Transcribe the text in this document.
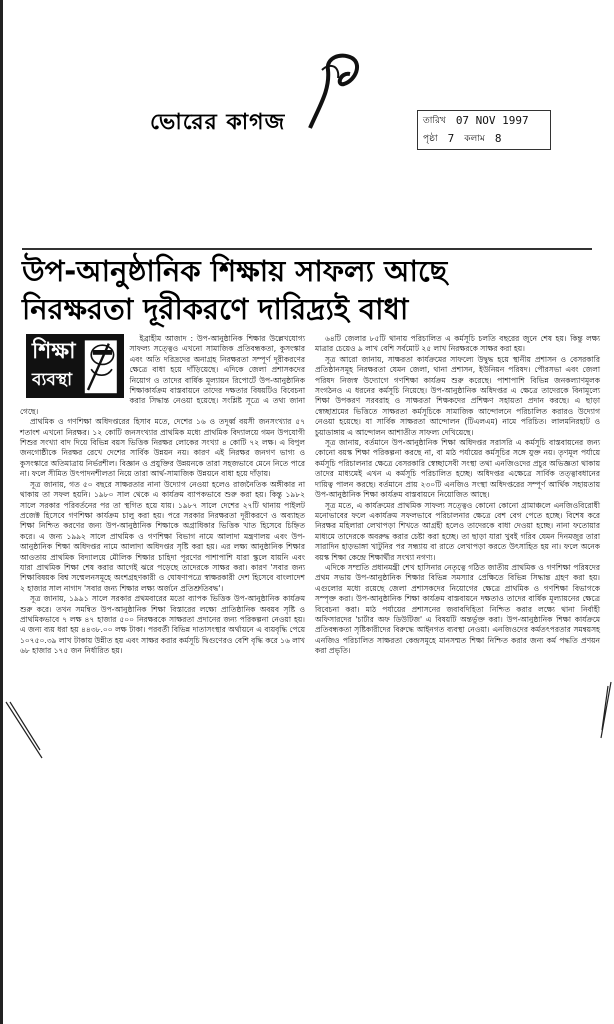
ভোরের কাগজ	তারিখ 07 NOV 1997
পৃষ্ঠা 7 কলাম 8
উপ-আনুষ্ঠানিক শিক্ষায় সাফল্য আছে
নিরক্ষরতা দূরীকরণে দারিদ্র্যই বাধা
শিক্ষা
ব্যবস্থা

ইব্রাহীম আজাদ : উপ-আনুষ্ঠানিক শিক্ষার উল্লেখযোগ্য সাফল্য সত্ত্বেও এখনো সামাজিক প্রতিবন্ধকতা, কুসংস্কার এবং অতি দরিদ্রদের অনাগ্রহ নিরক্ষরতা সম্পূর্ণ দূরীকরণের ক্ষেত্রে বাধা হয়ে দাঁড়িয়েছে। এদিকে জেলা প্রশাসকদের নিয়োগ ও তাদের বার্ষিক মূল্যায়ন রিপোর্টে উপ-আনুষ্ঠানিক শিক্ষাকার্যক্রম বাস্তবায়নে তাদের দক্ষতার বিষয়টিও বিবেচনা করার সিদ্ধান্ত নেওয়া হয়েছে। সংশ্লিষ্ট সূত্রে এ তথ্য জানা গেছে।

প্রাথমিক ও গণশিক্ষা অধিদপ্তরের হিসাব মতে, দেশের ১৬ ও তদূর্ধ্ব বয়সী জনসংখ্যার ৫৭ শতাংশ এখনো নিরক্ষর। ১২ কোটি জনসংখ্যার প্রাথমিক মধ্যে প্রাথমিক বিদ্যালয়ে গমন উপযোগী শিশুর সংখ্যা বাদ দিয়ে বিভিন্ন বয়স ভিত্তিক নিরক্ষর লোকের সংখ্যা ৪ কোটি ৭২ লক্ষ। এ বিপুল জনগোষ্ঠীকে নিরক্ষর রেখে দেশের সার্বিক উন্নয়ন নয়। কারণ এই নিরক্ষর জনগণ ভাগ্য ও কুসংস্কারে অতিমাত্রায় নির্ভরশীল। বিজ্ঞান ও প্রযুক্তির উন্নয়নকে তারা সহজভাবে মেনে নিতে পারে না। ফলে সীমিত উৎপাদনশীলতা নিয়ে তারা আর্থ-সামাজিক উন্নয়নে বাধা হয়ে দাঁড়ায়।

সূত্র জানায়, গত ৫০ বছরে সাক্ষরতার নানা উদ্যোগ নেওয়া হলেও রাজনৈতিক অঙ্গীকার না থাকায় তা সফল হয়নি। ১৯৮০ সাল থেকে এ কার্যক্রম ব্যাপকভাবে শুরু করা হয়। কিন্তু ১৯৮২ সালে সরকার পরিবর্তনের পর তা স্থগিত হয়ে যায়। ১৯৮৭ সালে দেশের ২৭টি থানায় পাইলট প্রজেক্ট হিসেবে গণশিক্ষা কার্যক্রম চালু করা হয়। পরে সরকার নিরক্ষরতা দূরীকরণে ও অব্যাহত শিক্ষা নিশ্চিত করণের জন্য উপ-আনুষ্ঠানিক শিক্ষাকে অগ্রাধিকার ভিত্তিক খাত হিসেবে চিহ্নিত করে। এ জন্য ১৯৯২ সালে প্রাথমিক ও গণশিক্ষা বিভাগ নামে আলাদা মন্ত্রণালয় এবং উপ-আনুষ্ঠানিক শিক্ষা অধিদপ্তর নামে আলাদা অধিদপ্তর সৃষ্টি করা হয়। এর লক্ষ্য আনুষ্ঠানিক শিক্ষার আওতায় প্রাথমিক বিদ্যালয়ে মৌলিক শিক্ষার চাহিদা পূরণের পাশাপাশি যারা স্কুলে যায়নি এবং যারা প্রাথমিক শিক্ষা শেষ করার আগেই ঝরে পড়েছে তাদেরকে সাক্ষর করা। কারণ 'সবার জন্য শিক্ষাবিষয়ক বিশ্ব সম্মেলনসমূহে অংশগ্রহণকারী ও ঘোষণাপত্রে স্বাক্ষরকারী দেশ হিসেবে বাংলাদেশ ২ হাজার সাল নাগাদ 'সবার জন্য শিক্ষার লক্ষ্য অর্জনে প্রতিশ্রুতিবদ্ধ'।

সূত্র জানায়, ১৯৯১ সালে সরকার প্রথমবারের মতো ব্যাপক ভিত্তিক উপ-আনুষ্ঠানিক কার্যক্রম শুরু করে। তখন সমন্বিত উপ-আনুষ্ঠানিক শিক্ষা বিস্তারের লক্ষ্যে প্রাতিষ্ঠানিক অবয়ব সৃষ্টি ও প্রাথমিকভাবে ৭ লক্ষ ৪৭ হাজার ৫০০ নিরক্ষরকে সাক্ষরতা প্রদানের জন্য পরিকল্পনা নেওয়া হয়। এ জন্য ব্যয় ধরা হয় ৪৪৩৮.০০ লক্ষ টাকা। পরবর্তী বিভিন্ন দাতাসংস্থার অর্থায়নে এ ব্যয়বৃদ্ধি পেয়ে ১০৭৫০.৩৯ লাখ টাকায় উন্নীত হয় এবং সাক্ষর করার কর্মসূচি দ্বিগুণেরও বেশি বৃদ্ধি করে ১৬ লাখ ৬৮ হাজার ১৭৫ জন নির্ধারিত হয়।

৬৪টি জেলার ৮৫টি থানায় পরিচালিত এ কর্মসূচি চলতি বছরের জুনে শেষ হয়। কিন্তু লক্ষ্য মাত্রার চেয়েও ৯ লাখ বেশি সর্বমোট ২৫ লাখ নিরক্ষরকে সাক্ষর করা হয়।

সূত্র আরো জানায়, সাক্ষরতা কার্যক্রমের সাফল্যে উদ্বুদ্ধ হয়ে স্থানীয় প্রশাসন ও বেসরকারি প্রতিষ্ঠানসমূহ নিরক্ষরতা যেমন জেলা, থানা প্রশাসন, ইউনিয়ন পরিষদ। পৌরসভা এবং জেলা পরিষদ নিজস্ব উদ্যোগে গণশিক্ষা কার্যক্রম শুরু করেছে। পাশাপাশি বিভিন্ন জনকল্যাণমূলক সংগঠনও এ ধরনের কর্মসূচি নিয়েছে। উপ-আনুষ্ঠানিক অধিদপ্তর এ ক্ষেত্রে তাদেরকে বিনামূল্যে শিক্ষা উপকরণ সরবরাহ ও সাক্ষরতা শিক্ষকদের প্রশিক্ষণ সহায়তা প্রদান করছে। এ ছাড়া স্বেচ্ছাশ্রমের ভিত্তিতে সাক্ষরতা কর্মসূচিকে সামাজিক আন্দোলনে পরিচালিত করারও উদ্যোগ নেওয়া হয়েছে। যা সার্বিক সাক্ষরতা আন্দোলন (টিএলএম) নামে পরিচিত। লালমনিরহাট ও চুয়াডাঙ্গায় এ আন্দোলন আশাতীত সাফল্য দেখিয়েছে।

সূত্র জানায়, বর্তমানে উপ-আনুষ্ঠানিক শিক্ষা অধিদপ্তর সরাসরি এ কর্মসূচি বাস্তবায়নের জন্য কোনো বয়স্ক শিক্ষা পরিকল্পনা করছে না, বা মাঠ পর্যায়ের কর্মসূচির সঙ্গে যুক্ত নয়। তৃণমূল পর্যায়ে কর্মসূচি পরিচালনার ক্ষেত্রে বেসরকারি স্বেচ্ছাসেবী সংস্থা তথা এনজিওদের প্রচুর অভিজ্ঞতা থাকায় তাদের মাধ্যমেই এখন এ কর্মসূচি পরিচালিত হচ্ছে। অধিদপ্তর এক্ষেত্রে সার্বিক তত্ত্বাবধানের দায়িত্ব পালন করছে। বর্তমানে প্রায় ২৩০টি এনজিও সংস্থা অধিদপ্তরের সম্পূর্ণ আর্থিক সহায়তায় উপ-আনুষ্ঠানিক শিক্ষা কার্যক্রম বাস্তবায়নে নিয়োজিত আছে।

সূত্র মতে, এ কার্যক্রমের প্রাথমিক সাফল্য সত্ত্বেও কোনো কোনো গ্রামাঞ্চলে এনজিওবিরোধী মনোভাবের ফলে একার্যক্রম সফলভাবে পরিচালনার ক্ষেত্রে বেশ বেগ পেতে হচ্ছে। বিশেষ করে নিরক্ষর মহিলারা লেখাপড়া শিখতে আগ্রহী হলেও তাদেরকে বাধা দেওয়া হচ্ছে। নানা ফতোয়ার মাধ্যমে তাদেরকে অবরুদ্ধ করার চেষ্টা করা হচ্ছে। তা ছাড়া যারা খুবই গরিব যেমন দিনমজুর তারা সারাদিন হাড়ভাঙ্গা খাটুনির পর সন্ধ্যায় বা রাতে লেখাপড়া করতে উৎসাহিত হয় না। ফলে অনেক বয়স্ক শিক্ষা কেন্দ্রে শিক্ষার্থীর সংখ্যা নগণ্য।

এদিকে সম্প্রতি প্রধানমন্ত্রী শেখ হাসিনার নেতৃত্বে গঠিত জাতীয় প্রাথমিক ও গণশিক্ষা পরিষদের প্রথম সভায় উপ-আনুষ্ঠানিক শিক্ষার বিভিন্ন সমস্যার প্রেক্ষিতে বিভিন্ন সিদ্ধান্ত গ্রহণ করা হয়। এগুলোর মধ্যে রয়েছে জেলা প্রশাসকদের নিয়োগের ক্ষেত্রে প্রাথমিক ও গণশিক্ষা বিভাগকে সম্পৃক্ত করা। উপ-আনুষ্ঠানিক শিক্ষা কার্যক্রম বাস্তবায়নে দক্ষতাও তাদের বার্ষিক মূল্যায়নের ক্ষেত্রে বিবেচনা করা। মাঠ পর্যায়ের প্রশাসনের জবাবদিহিতা নিশ্চিত করার লক্ষ্যে থানা নির্বাহী অফিসারদের 'চার্টার অফ ডিউটিজ' এ বিষয়টি অন্তর্ভুক্ত করা। উপ-আনুষ্ঠানিক শিক্ষা কার্যক্রমে প্রতিবন্ধকতা সৃষ্টিকারীদের বিরুদ্ধে আইনগত ব্যবস্থা নেওয়া। এনজিওদের কর্মতৎপরতার সমন্বয়সহ এনজিও পরিচালিত সাক্ষরতা কেন্দ্রসমূহে মানসম্মত শিক্ষা নিশ্চিত করার জন্য কর্ম পদ্ধতি প্রণয়ন করা প্রভৃতি।
